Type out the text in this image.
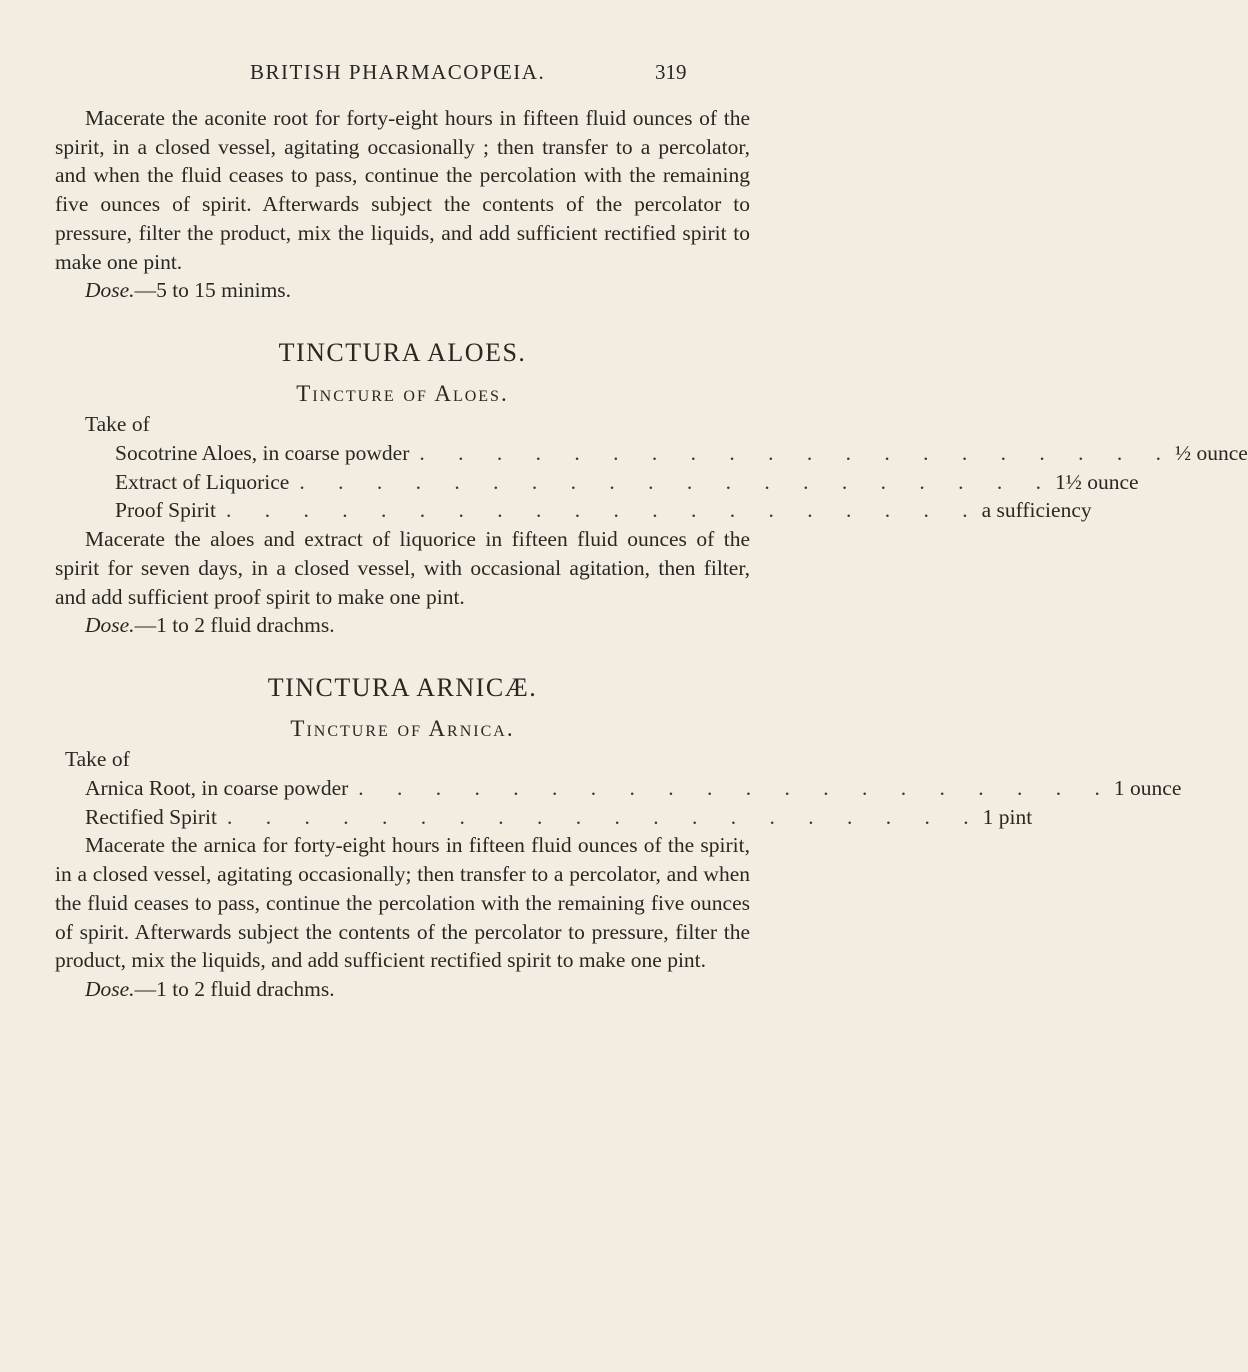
BRITISH PHARMACOPŒIA.	319

Macerate the aconite root for forty-eight hours in fifteen fluid ounces of the spirit, in a closed vessel, agitating occasionally ; then transfer to a percolator, and when the fluid ceases to pass, continue the percolation with the remaining five ounces of spirit. Afterwards subject the contents of the percolator to pressure, filter the product, mix the liquids, and add sufficient rectified spirit to make one pint.

Dose.—5 to 15 minims.
TINCTURA ALOES.
Tincture of Aloes.
Take of
Socotrine Aloes, in coarse powder . . . . . . . . . . . . . . . . . . . . ½ ounce
Extract of Liquorice . . . . . . . . . . . . . . . . . . . . 1½ ounce
Proof Spirit . . . . . . . . . . . . . . . . . . . . a sufficiency

Macerate the aloes and extract of liquorice in fifteen fluid ounces of the spirit for seven days, in a closed vessel, with occasional agitation, then filter, and add sufficient proof spirit to make one pint.

Dose.—1 to 2 fluid drachms.
TINCTURA ARNICÆ.
Tincture of Arnica.
Take of
Arnica Root, in coarse powder . . . . . . . . . . . . . . . . . . . . 1 ounce
Rectified Spirit . . . . . . . . . . . . . . . . . . . . 1 pint

Macerate the arnica for forty-eight hours in fifteen fluid ounces of the spirit, in a closed vessel, agitating occasionally; then transfer to a percolator, and when the fluid ceases to pass, continue the percolation with the remaining five ounces of spirit. Afterwards subject the contents of the percolator to pressure, filter the product, mix the liquids, and add sufficient rectified spirit to make one pint.

Dose.—1 to 2 fluid drachms.
